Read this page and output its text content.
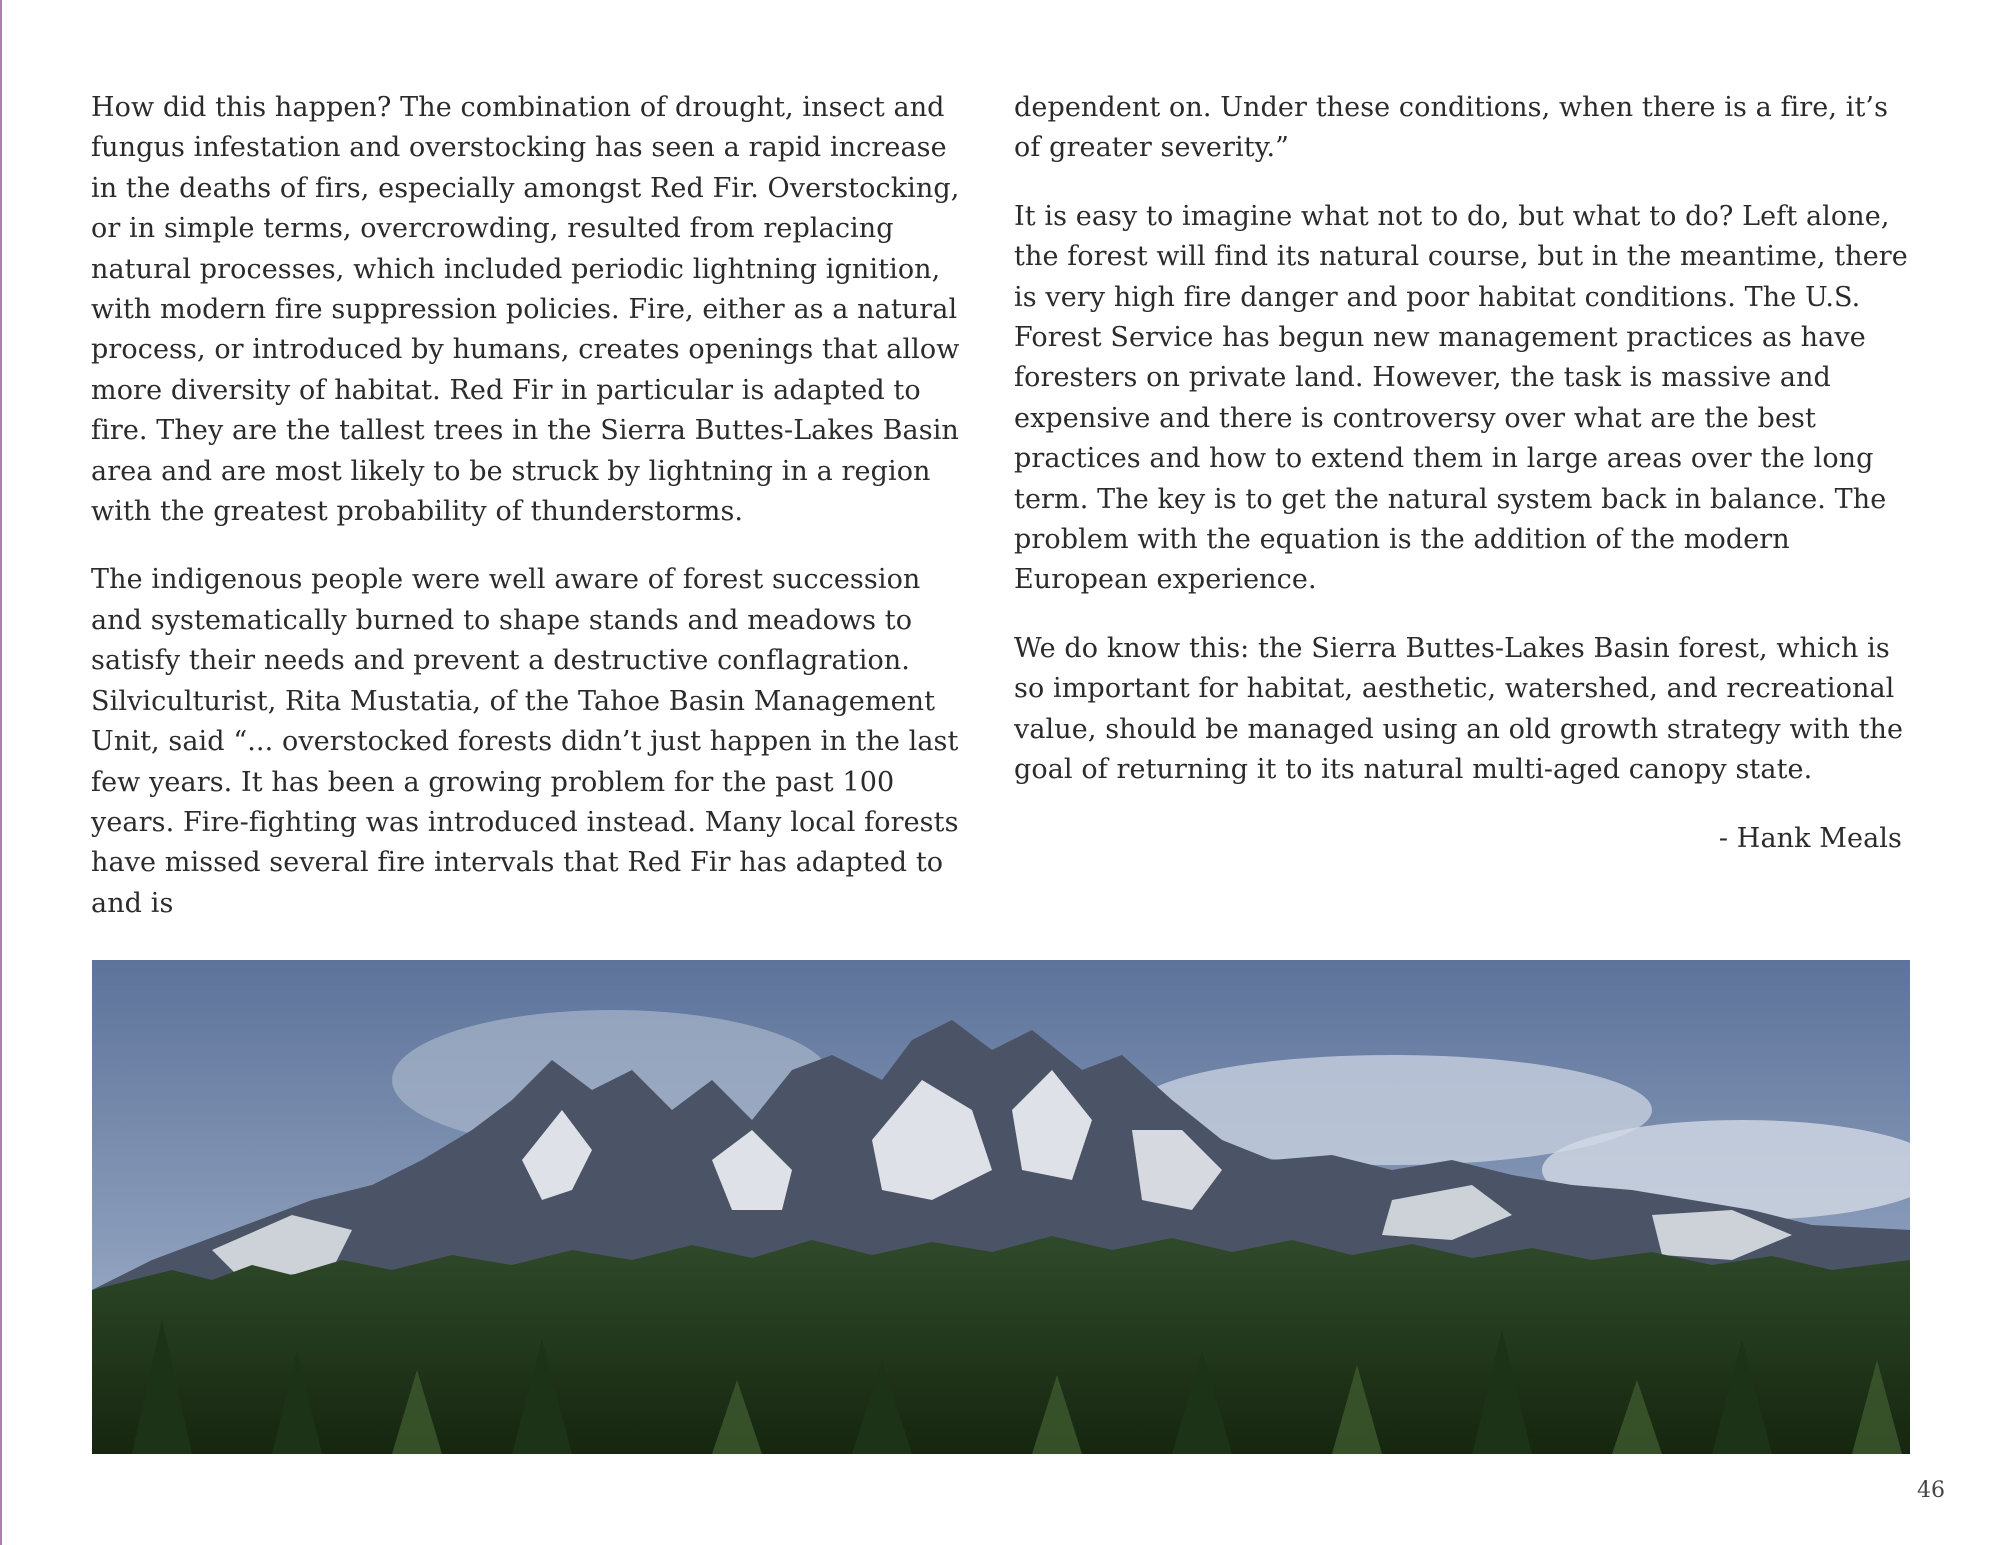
How did this happen? The combination of drought, insect and fungus infestation and overstocking has seen a rapid increase in the deaths of firs, especially amongst Red Fir. Overstocking, or in simple terms, overcrowding, resulted from replacing natural processes, which included periodic lightning ignition, with modern fire suppression policies. Fire, either as a natural process, or introduced by humans, creates openings that allow more diversity of habitat. Red Fir in particular is adapted to fire. They are the tallest trees in the Sierra Buttes-Lakes Basin area and are most likely to be struck by lightning in a region with the greatest probability of thunderstorms.

The indigenous people were well aware of forest succession and systematically burned to shape stands and meadows to satisfy their needs and prevent a destructive conflagration. Silviculturist, Rita Mustatia, of the Tahoe Basin Management Unit, said “... overstocked forests didn’t just happen in the last few years. It has been a growing problem for the past 100 years. Fire-fighting was introduced instead. Many local forests have missed several fire intervals that Red Fir has adapted to and is

dependent on. Under these conditions, when there is a fire, it’s of greater severity.”

It is easy to imagine what not to do, but what to do? Left alone, the forest will find its natural course, but in the meantime, there is very high fire danger and poor habitat conditions. The U.S. Forest Service has begun new management practices as have foresters on private land. However, the task is massive and expensive and there is controversy over what are the best practices and how to extend them in large areas over the long term. The key is to get the natural system back in balance. The problem with the equation is the addition of the modern European experience.

We do know this: the Sierra Buttes-Lakes Basin forest, which is so important for habitat, aesthetic, watershed, and recreational value, should be managed using an old growth strategy with the goal of returning it to its natural multi-aged canopy state.

- Hank Meals

46
